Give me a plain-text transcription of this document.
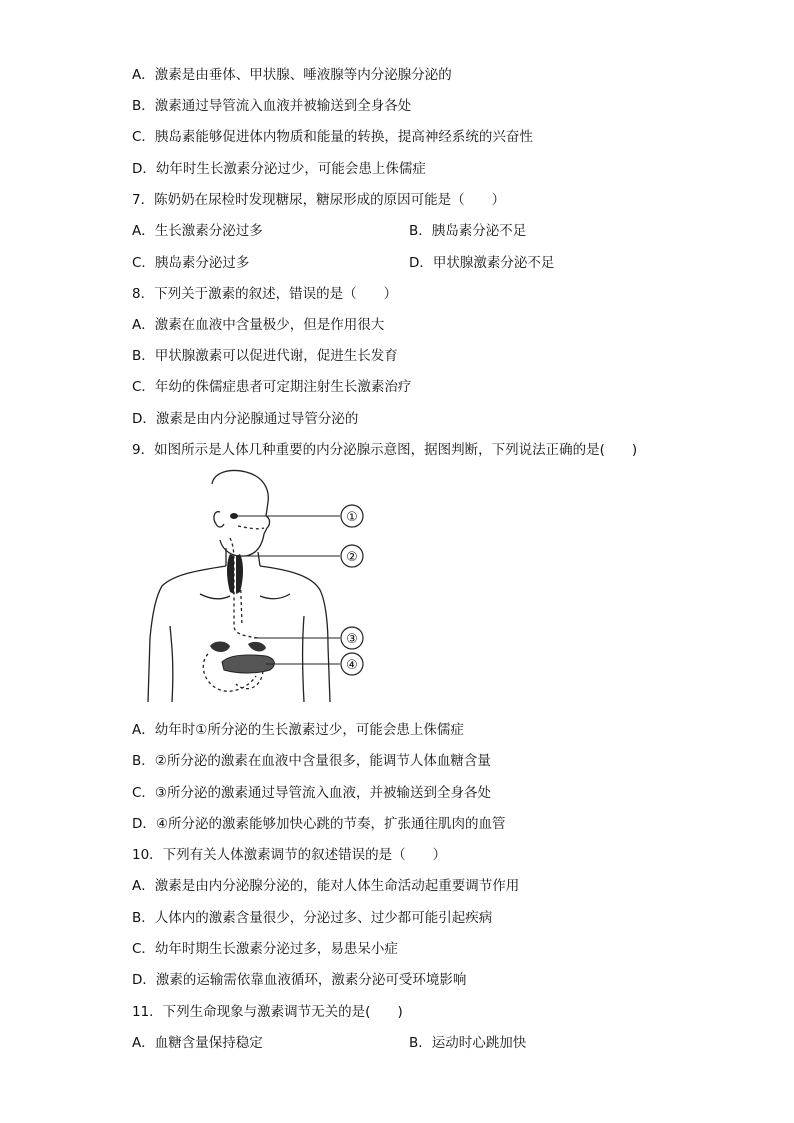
A．激素是由垂体、甲状腺、唾液腺等内分泌腺分泌的
B．激素通过导管流入血液并被输送到全身各处
C．胰岛素能够促进体内物质和能量的转换，提高神经系统的兴奋性
D．幼年时生长激素分泌过少，可能会患上侏儒症
7．陈奶奶在尿检时发现糖尿，糖尿形成的原因可能是（　　）
A．生长激素分泌过多	B．胰岛素分泌不足
C．胰岛素分泌过多	D．甲状腺激素分泌不足
8．下列关于激素的叙述，错误的是（　　）
A．激素在血液中含量极少，但是作用很大
B．甲状腺激素可以促进代谢，促进生长发育
C．年幼的侏儒症患者可定期注射生长激素治疗
D．激素是由内分泌腺通过导管分泌的
9．如图所示是人体几种重要的内分泌腺示意图，据图判断，下列说法正确的是(　　)
①
②
③
④
A．幼年时①所分泌的生长激素过少，可能会患上侏儒症
B．②所分泌的激素在血液中含量很多，能调节人体血糖含量
C．③所分泌的激素通过导管流入血液，并被输送到全身各处
D．④所分泌的激素能够加快心跳的节奏，扩张通往肌肉的血管
10．下列有关人体激素调节的叙述错误的是（　　）
A．激素是由内分泌腺分泌的，能对人体生命活动起重要调节作用
B．人体内的激素含量很少，分泌过多、过少都可能引起疾病
C．幼年时期生长激素分泌过多，易患呆小症
D．激素的运输需依靠血液循环，激素分泌可受环境影响
11．下列生命现象与激素调节无关的是(　　)
A．血糖含量保持稳定	B．运动时心跳加快
